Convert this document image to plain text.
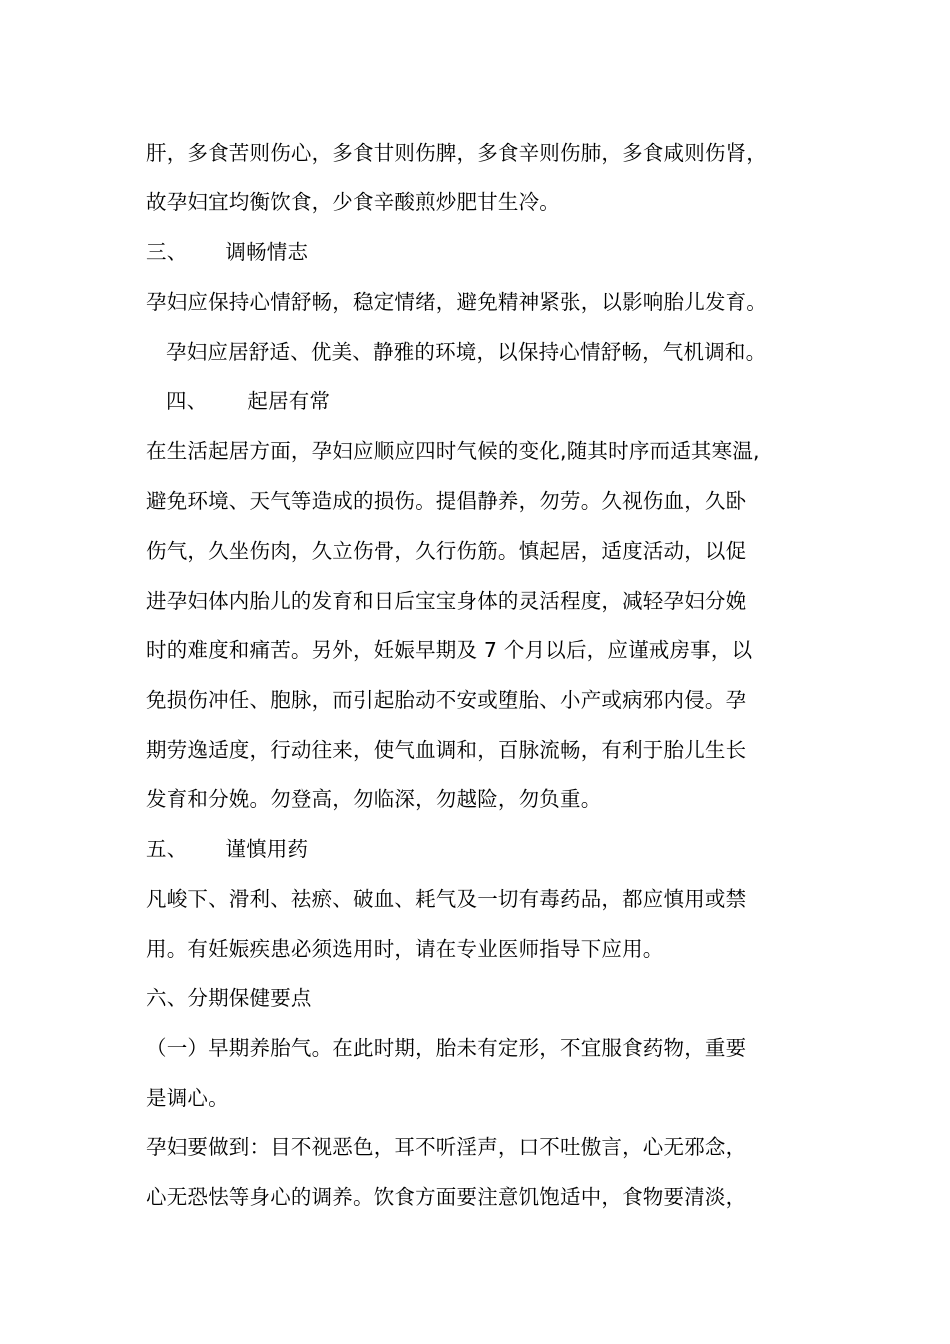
肝，多食苦则伤心，多食甘则伤脾，多食辛则伤肺，多食咸则伤肾，
故孕妇宜均衡饮食，少食辛酸煎炒肥甘生冷。
三、 调畅情志
孕妇应保持心情舒畅，稳定情绪，避免精神紧张，以影响胎儿发育。
孕妇应居舒适、优美、静雅的环境，以保持心情舒畅，气机调和。
四、 起居有常
在生活起居方面，孕妇应顺应四时气候的变化,随其时序而适其寒温,
避免环境、天气等造成的损伤。提倡静养，勿劳。久视伤血，久卧
伤气，久坐伤肉，久立伤骨，久行伤筋。慎起居，适度活动，以促
进孕妇体内胎儿的发育和日后宝宝身体的灵活程度，减轻孕妇分娩
时的难度和痛苦。另外，妊娠早期及 7 个月以后，应谨戒房事，以
免损伤冲任、胞脉，而引起胎动不安或堕胎、小产或病邪内侵。孕
期劳逸适度，行动往来，使气血调和，百脉流畅，有利于胎儿生长
发育和分娩。勿登高，勿临深，勿越险，勿负重。
五、 谨慎用药
凡峻下、滑利、祛瘀、破血、耗气及一切有毒药品，都应慎用或禁
用。有妊娠疾患必须选用时，请在专业医师指导下应用。
六、分期保健要点
（一）早期养胎气。在此时期，胎未有定形，不宜服食药物，重要
是调心。
孕妇要做到：目不视恶色，耳不听淫声，口不吐傲言，心无邪念，
心无恐怯等身心的调养。饮食方面要注意饥饱适中，食物要清淡，
